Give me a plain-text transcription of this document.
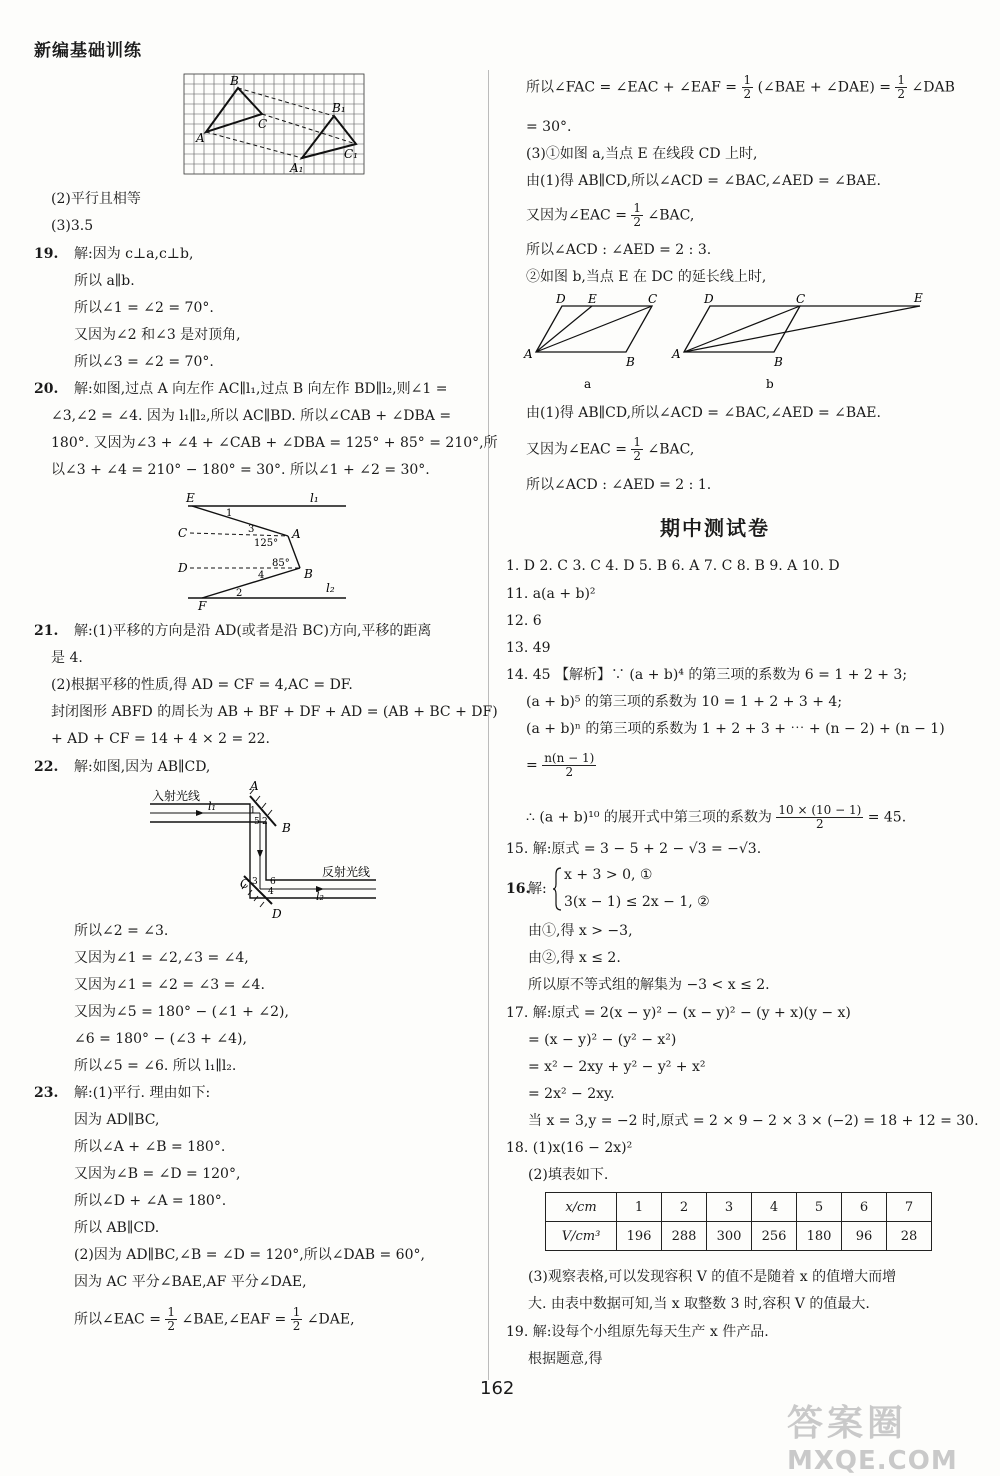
新编基础训练
B
A
C
B₁
A₁
C₁
(2)平行且相等
(3)3.5
19. 解:因为 c⊥a,c⊥b,
所以 a∥b.
所以∠1 = ∠2 = 70°.
又因为∠2 和∠3 是对顶角,
所以∠3 = ∠2 = 70°.
20. 解:如图,过点 A 向左作 AC∥l₁,过点 B 向左作 BD∥l₂,则∠1 =
∠3,∠2 = ∠4. 因为 l₁∥l₂,所以 AC∥BD. 所以∠CAB + ∠DBA =
180°. 又因为∠3 + ∠4 + ∠CAB + ∠DBA = 125° + 85° = 210°,所
以∠3 + ∠4 = 210° − 180° = 30°. 所以∠1 + ∠2 = 30°.
E	l₁
C	A
125°
85°
D	B
F
l₂
1
2
3
4
21. 解:(1)平移的方向是沿 AD(或者是沿 BC)方向,平移的距离
是 4.
(2)根据平移的性质,得 AD = CF = 4,AC = DF.
封闭图形 ABFD 的周长为 AB + BF + DF + AD = (AB + BC + DF)
+ AD + CF = 14 + 4 × 2 = 22.
22. 解:如图,因为 AB∥CD,
入射光线
反射光线
A
B
C
D
l₁
l₂
1
2
3
4
5
6
所以∠2 = ∠3.
又因为∠1 = ∠2,∠3 = ∠4,
又因为∠1 = ∠2 = ∠3 = ∠4.
又因为∠5 = 180° − (∠1 + ∠2),
∠6 = 180° − (∠3 + ∠4),
所以∠5 = ∠6. 所以 l₁∥l₂.
23. 解:(1)平行. 理由如下:
因为 AD∥BC,
所以∠A + ∠B = 180°.
又因为∠B = ∠D = 120°,
所以∠D + ∠A = 180°.
所以 AB∥CD.
(2)因为 AD∥BC,∠B = ∠D = 120°,所以∠DAB = 60°,
因为 AC 平分∠BAE,AF 平分∠DAE,
所以∠EAC = $\frac{1}{2}$ ∠BAE,∠EAF = $\frac{1}{2}$ ∠DAE,
所以∠FAC = ∠EAC + ∠EAF = $\frac{1}{2}$ (∠BAE + ∠DAE) = $\frac{1}{2}$ ∠DAB
= 30°.
(3)①如图 a,当点 E 在线段 CD 上时,
由(1)得 AB∥CD,所以∠ACD = ∠BAC,∠AED = ∠BAE.
又因为∠EAC = $\frac{1}{2}$ ∠BAC,
所以∠ACD : ∠AED = 2 : 3.
②如图 b,当点 E 在 DC 的延长线上时,
D E	C
A
B
a
D	C	E
A
B
b
由(1)得 AB∥CD,所以∠ACD = ∠BAC,∠AED = ∠BAE.
又因为∠EAC = $\frac{1}{2}$ ∠BAC,
所以∠ACD : ∠AED = 2 : 1.
期中测试卷
1. D 2. C 3. C 4. D 5. B 6. A 7. C 8. B 9. A 10. D
11. a(a + b)²
12. 6
13. 49
14. 45 【解析】∵ (a + b)⁴ 的第三项的系数为 6 = 1 + 2 + 3;
(a + b)⁵ 的第三项的系数为 10 = 1 + 2 + 3 + 4;
(a + b)ⁿ 的第三项的系数为 1 + 2 + 3 + ⋯ + (n − 2) + (n − 1)
= $\frac{n(n - 1)}{2}$
∴ (a + b)¹⁰ 的展开式中第三项的系数为 $\frac{10 \times (10 - 1)}{2} = 45$.
15. 解:原式 = 3 − 5 + 2 − √3 = −√3.
16.
解:
x + 3 > 0, ①
3(x − 1) ≤ 2x − 1, ②
由①,得 x > −3,
由②,得 x ≤ 2.
所以原不等式组的解集为 −3 < x ≤ 2.
17. 解:原式 = 2(x − y)² − (x − y)² − (y + x)(y − x)
= (x − y)² − (y² − x²)
= x² − 2xy + y² − y² + x²
= 2x² − 2xy.
当 x = 3,y = −2 时,原式 = 2 × 9 − 2 × 3 × (−2) = 18 + 12 = 30.
18. (1)x(16 − 2x)²
(2)填表如下.
x/cm	1	2	3	4	5	6	7
V/cm³	196	288	300	256	180	96	28
(3)观察表格,可以发现容积 V 的值不是随着 x 的值增大而增
大. 由表中数据可知,当 x 取整数 3 时,容积 V 的值最大.
19. 解:设每个小组原先每天生产 x 件产品.
根据题意,得
162
答案圈
MXQE.COM
